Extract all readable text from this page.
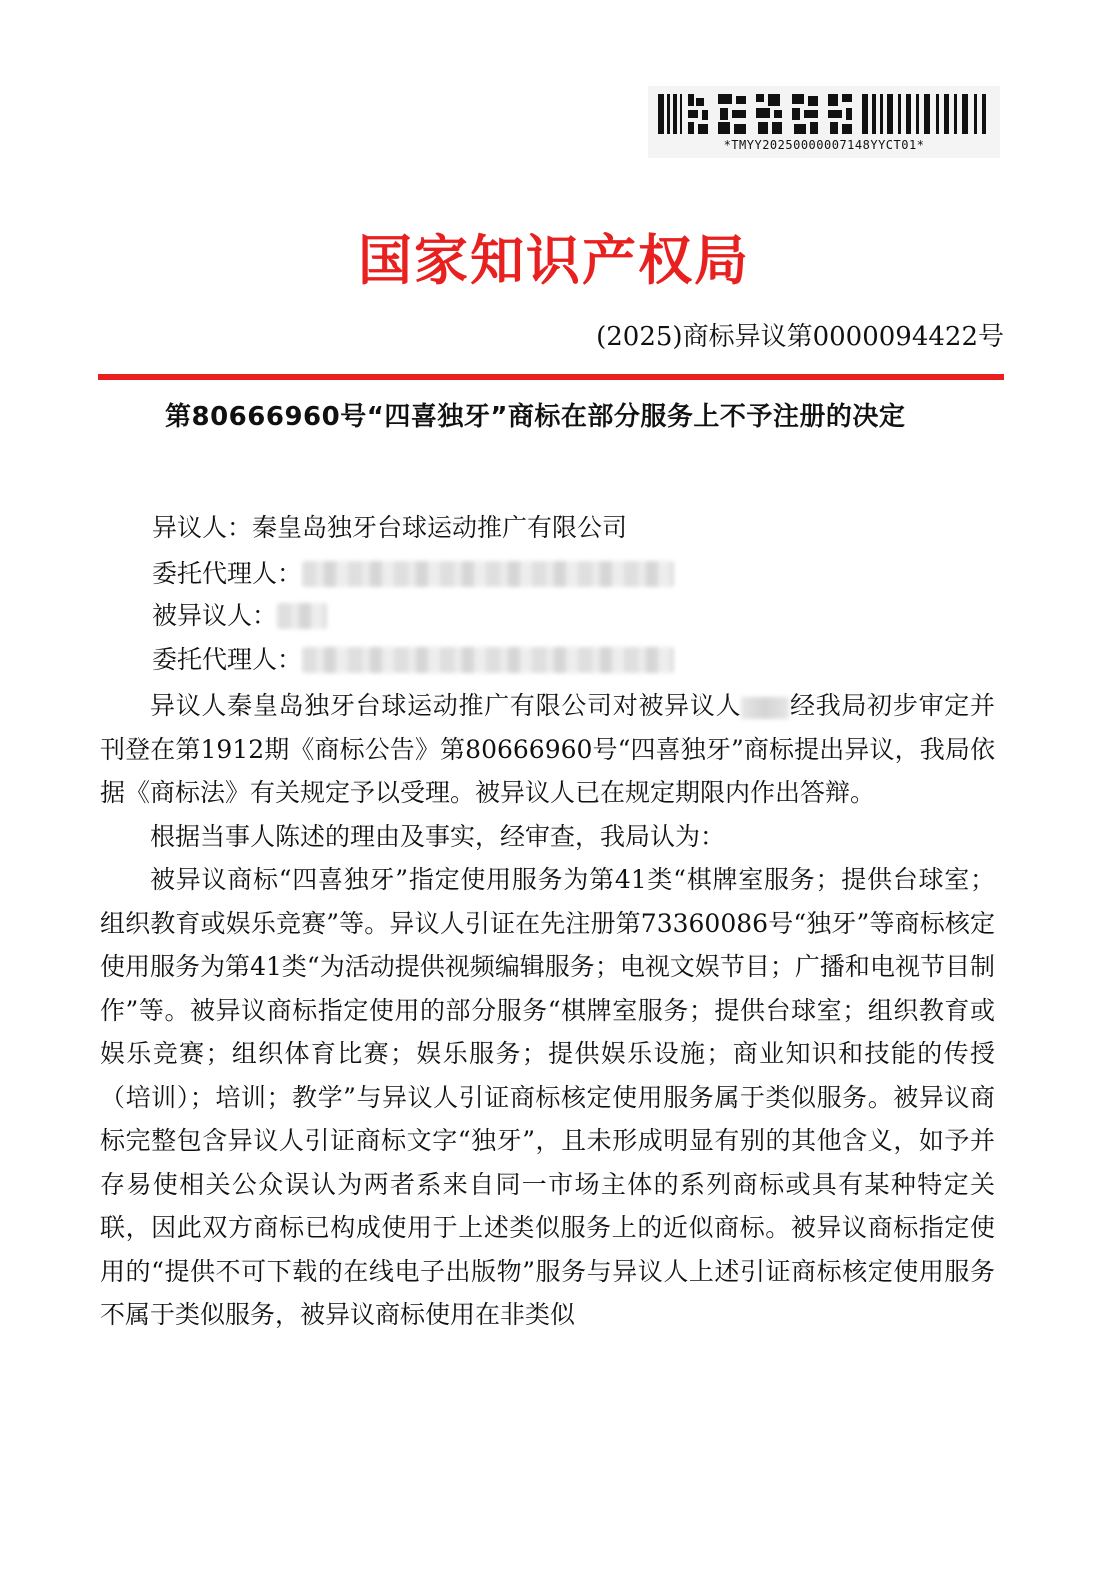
*TMYY20250000007148YYCT01*
国家知识产权局
(2025)商标异议第0000094422号
第80666960号“四喜独牙”商标在部分服务上不予注册的决定
异议人：秦皇岛独牙台球运动推广有限公司
委托代理人：
被异议人：
委托代理人：

异议人秦皇岛独牙台球运动推广有限公司对被异议人 经我局初步审定并刊登在第1912期《商标公告》第80666960号“四喜独牙”商标提出异议，我局依据《商标法》有关规定予以受理。被异议人已在规定期限内作出答辩。

根据当事人陈述的理由及事实，经审查，我局认为：

被异议商标“四喜独牙”指定使用服务为第41类“棋牌室服务；提供台球室；组织教育或娱乐竞赛”等。异议人引证在先注册第73360086号“独牙”等商标核定使用服务为第41类“为活动提供视频编辑服务；电视文娱节目；广播和电视节目制作”等。被异议商标指定使用的部分服务“棋牌室服务；提供台球室；组织教育或娱乐竞赛；组织体育比赛；娱乐服务；提供娱乐设施；商业知识和技能的传授（培训）；培训；教学”与异议人引证商标核定使用服务属于类似服务。被异议商标完整包含异议人引证商标文字“独牙”，且未形成明显有别的其他含义，如予并存易使相关公众误认为两者系来自同一市场主体的系列商标或具有某种特定关联，因此双方商标已构成使用于上述类似服务上的近似商标。被异议商标指定使用的“提供不可下载的在线电子出版物”服务与异议人上述引证商标核定使用服务不属于类似服务，被异议商标使用在非类似
